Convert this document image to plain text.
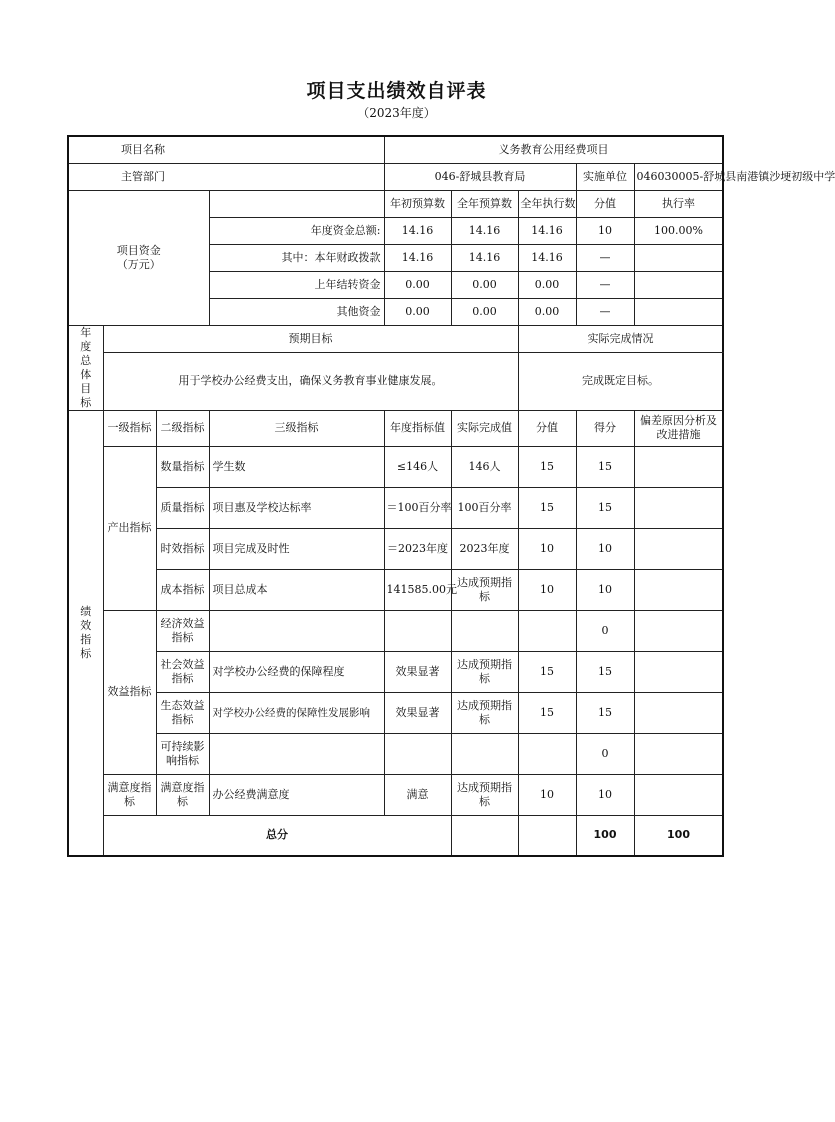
项目支出绩效自评表
（2023年度）
项目名称				义务教育公用经费项目					
主管部门				046-舒城县教育局			实施单位	046030005-舒城县南港镇沙埂初级中学	
项目资金
（万元）				年初预算数	全年预算数	全年执行数	分值	执行率	
			年度资金总额:	14.16	14.16	14.16	10	100.00%	
			其中：本年财政拨款	14.16	14.16	14.16	—		
			上年结转资金	0.00	0.00	0.00	—		
			其他资金	0.00	0.00	0.00	—		
年度总体目标	预期目标					实际完成情况			
	用于学校办公经费支出，确保义务教育事业健康发展。					完成既定目标。			
绩效指标	一级指标	二级指标	三级指标	年度指标值	实际完成值	分值	得分	偏差原因分析及改进措施	
	产出指标	数量指标	学生数	≤146人	146人	15	15		
		质量指标	项目惠及学校达标率	＝100百分率	100百分率	15	15		
		时效指标	项目完成及时性	＝2023年度	2023年度	10	10		
		成本指标	项目总成本	141585.00元	达成预期指标	10	10		
	效益指标	经济效益指标					0		
		社会效益指标	对学校办公经费的保障程度	效果显著	达成预期指标	15	15		
		生态效益指标	对学校办公经费的保障性发展影响	效果显著	达成预期指标	15	15		
		可持续影响指标					0		
	满意度指标	满意度指标	办公经费满意度	满意	达成预期指标	10	10		
	总分						100	100	
